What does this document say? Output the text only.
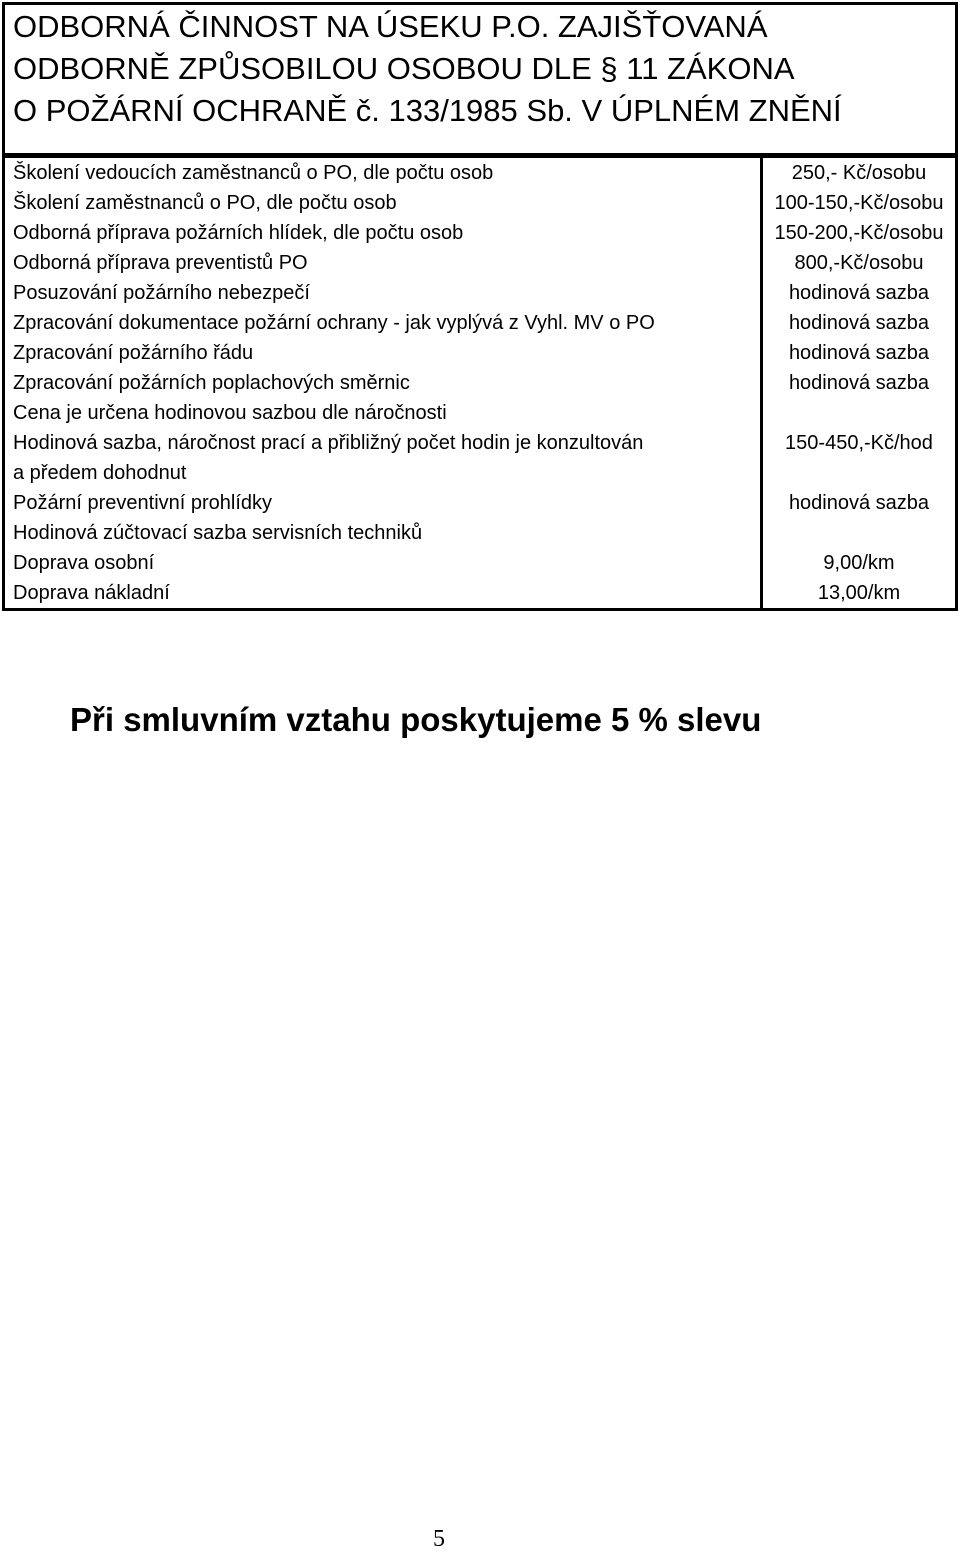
ODBORNÁ ČINNOST NA ÚSEKU P.O. ZAJIŠŤOVANÁ
ODBORNĚ ZPŮSOBILOU OSOBOU DLE § 11 ZÁKONA
O POŽÁRNÍ OCHRANĚ č. 133/1985 Sb. V ÚPLNÉM ZNĚNÍ
Školení vedoucích zaměstnanců o PO, dle počtu osob	250,- Kč/osobu
Školení zaměstnanců o PO, dle počtu osob	100-150,-Kč/osobu
Odborná příprava požárních hlídek, dle počtu osob	150-200,-Kč/osobu
Odborná příprava preventistů PO	800,-Kč/osobu
Posuzování požárního nebezpečí	hodinová sazba
Zpracování dokumentace požární ochrany - jak vyplývá z Vyhl. MV o PO	hodinová sazba
Zpracování požárního řádu	hodinová sazba
Zpracování požárních poplachových směrnic	hodinová sazba
Cena je určena hodinovou sazbou dle náročnosti	
Hodinová sazba, náročnost prací a přibližný počet hodin je konzultován	150-450,-Kč/hod
a předem dohodnut	
Požární preventivní prohlídky	hodinová sazba
Hodinová zúčtovací sazba servisních techniků	
Doprava osobní	9,00/km
Doprava nákladní	13,00/km
Při smluvním vztahu poskytujeme 5 % slevu
5
